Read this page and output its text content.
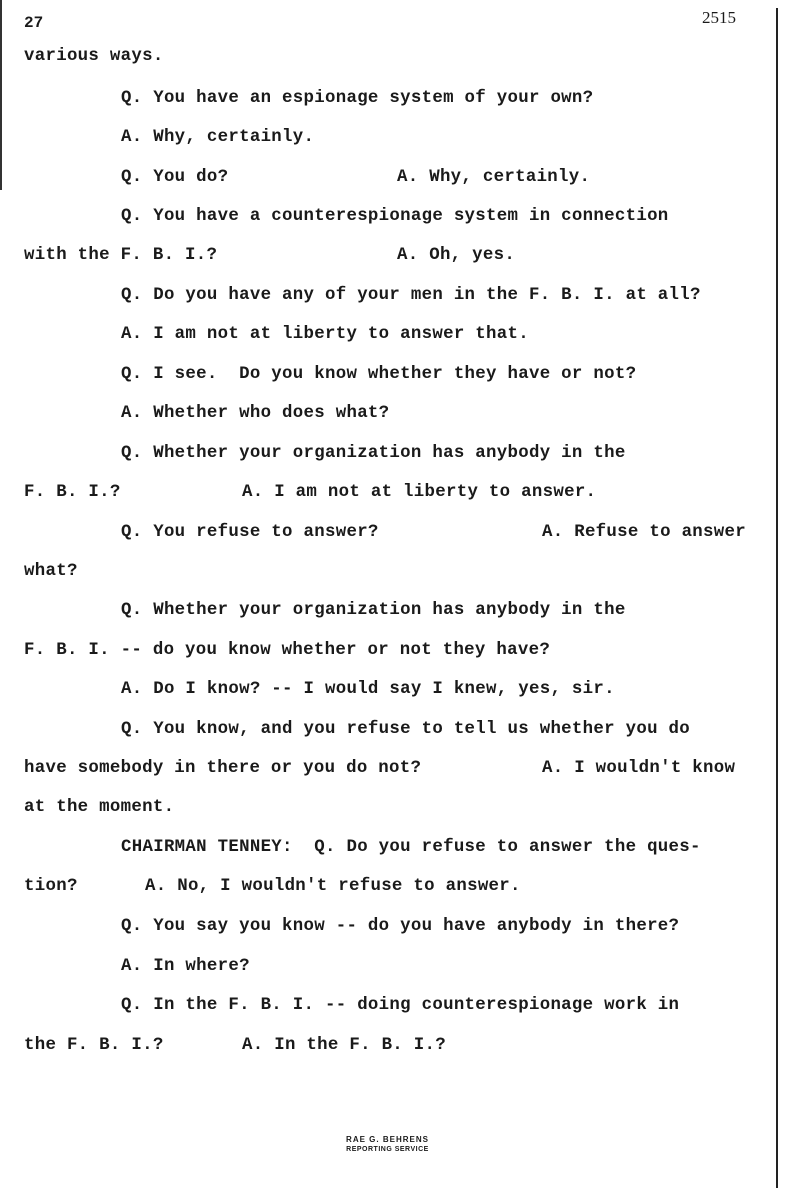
27	2515
various ways.
Q. You have an espionage system of your own?
A. Why, certainly.
Q. You do?	A. Why, certainly.
Q. You have a counterespionage system in connection
with the F. B. I.?	A. Oh, yes.
Q. Do you have any of your men in the F. B. I. at all?
A. I am not at liberty to answer that.
Q. I see.  Do you know whether they have or not?
A. Whether who does what?
Q. Whether your organization has anybody in the
F. B. I.?	A. I am not at liberty to answer.
Q. You refuse to answer?	A. Refuse to answer
what?
Q. Whether your organization has anybody in the
F. B. I. -- do you know whether or not they have?
A. Do I know? -- I would say I knew, yes, sir.
Q. You know, and you refuse to tell us whether you do
have somebody in there or you do not?	A. I wouldn't know
at the moment.
CHAIRMAN TENNEY:  Q. Do you refuse to answer the ques-
tion?	A. No, I wouldn't refuse to answer.
Q. You say you know -- do you have anybody in there?
A. In where?
Q. In the F. B. I. -- doing counterespionage work in
the F. B. I.?	A. In the F. B. I.?
RAE G. BEHRENS
REPORTING SERVICE
